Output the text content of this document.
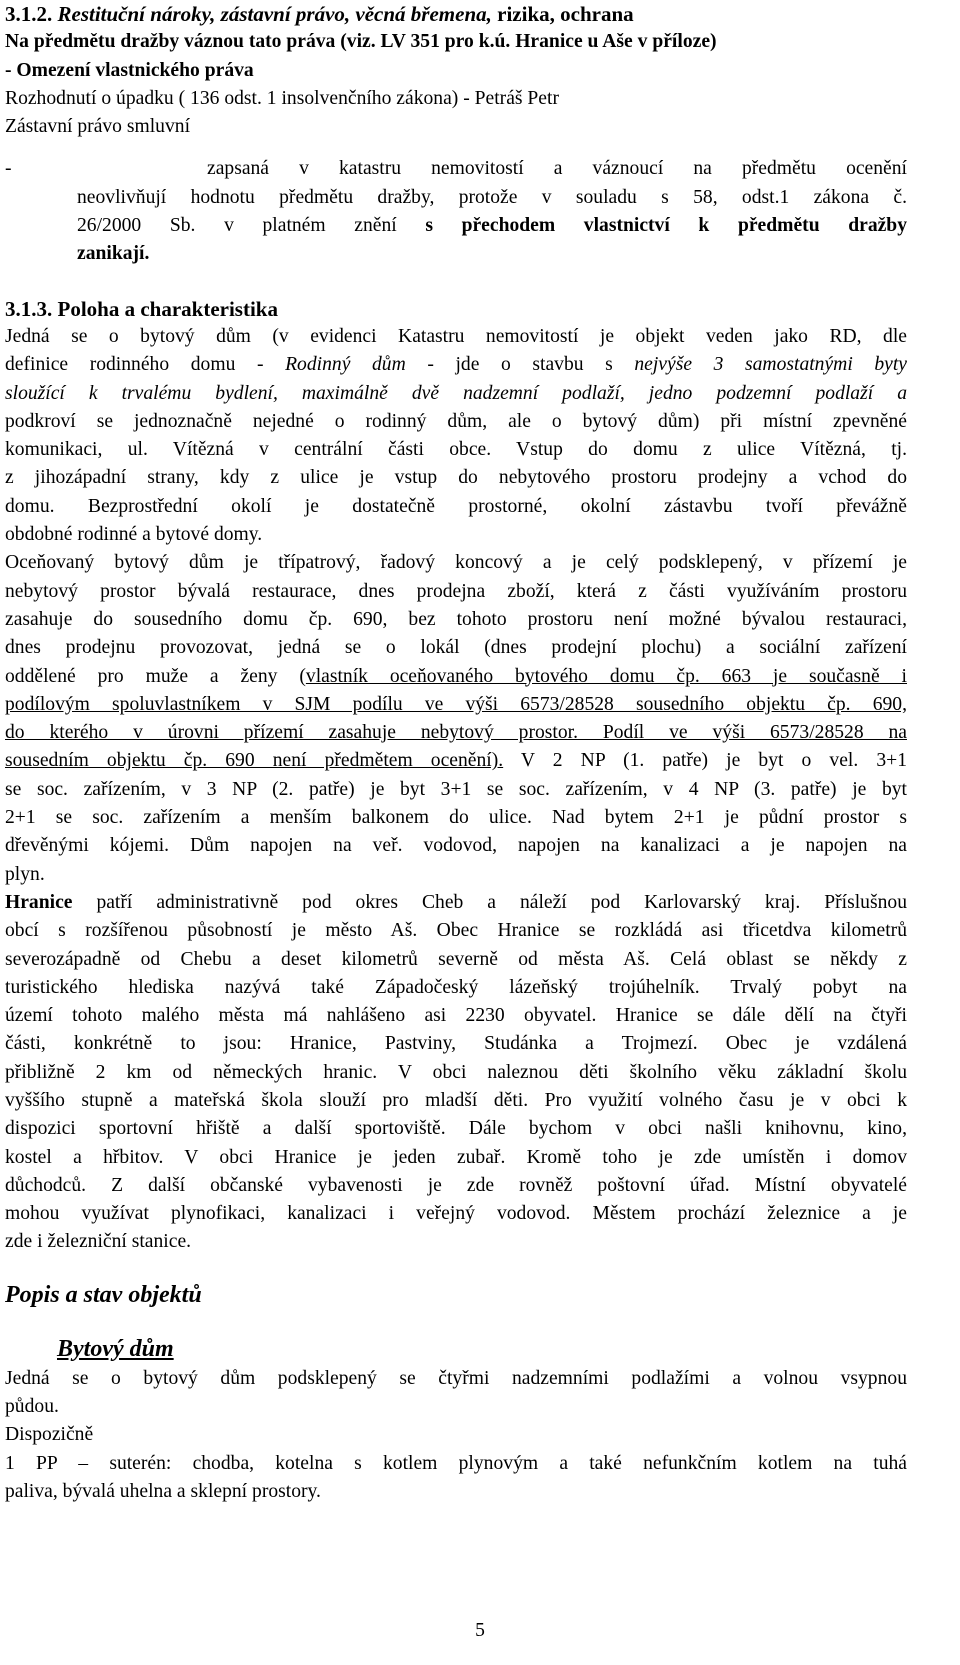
3.1.2. Restituční nároky, zástavní právo, věcná břemena, rizika, ochrana
Na předmětu dražby váznou tato práva (viz. LV 351 pro k.ú. Hranice u Aše v příloze)
- Omezení vlastnického práva
Rozhodnutí o úpadku ( 136 odst. 1 insolvenčního zákona) - Petráš Petr
Zástavní právo smluvní
-	zapsaná v katastru nemovitostí a váznoucí na předmětu ocenění
neovlivňují hodnotu předmětu dražby, protože v souladu s 58, odst.1 zákona č.
26/2000 Sb. v platném znění s přechodem vlastnictví k předmětu dražby
zanikají.
3.1.3. Poloha a charakteristika
Jedná se o bytový dům (v evidenci Katastru nemovitostí je objekt veden jako RD, dle
definice rodinného domu - Rodinný dům - jde o stavbu s nejvýše 3 samostatnými byty
sloužící k trvalému bydlení, maximálně dvě nadzemní podlaží, jedno podzemní podlaží a
podkroví se jednoznačně nejedné o rodinný dům, ale o bytový dům) při místní zpevněné
komunikaci, ul. Vítězná v centrální části obce. Vstup do domu z ulice Vítězná, tj.
z jihozápadní strany, kdy z ulice je vstup do nebytového prostoru prodejny a vchod do
domu. Bezprostřední okolí je dostatečně prostorné, okolní zástavbu tvoří převážně
obdobné rodinné a bytové domy.
Oceňovaný bytový dům je třípatrový, řadový koncový a je celý podsklepený, v přízemí je
nebytový prostor bývalá restaurace, dnes prodejna zboží, která z části využíváním prostoru
zasahuje do sousedního domu čp. 690, bez tohoto prostoru není možné bývalou restauraci,
dnes prodejnu provozovat, jedná se o lokál (dnes prodejní plochu) a sociální zařízení
oddělené pro muže a ženy (vlastník oceňovaného bytového domu čp. 663 je současně i
podílovým spoluvlastníkem v SJM podílu ve výši 6573/28528 sousedního objektu čp. 690,
do kterého v úrovni přízemí zasahuje nebytový prostor. Podíl ve výši 6573/28528 na
sousedním objektu čp. 690 není předmětem ocenění). V 2 NP (1. patře) je byt o vel. 3+1
se soc. zařízením, v 3 NP (2. patře) je byt 3+1 se soc. zařízením, v 4 NP (3. patře) je byt
2+1 se soc. zařízením a menším balkonem do ulice. Nad bytem 2+1 je půdní prostor s
dřevěnými kójemi. Dům napojen na veř. vodovod, napojen na kanalizaci a je napojen na
plyn.
Hranice patří administrativně pod okres Cheb a náleží pod Karlovarský kraj. Příslušnou
obcí s rozšířenou působností je město Aš. Obec Hranice se rozkládá asi třicetdva kilometrů
severozápadně od Chebu a deset kilometrů severně od města Aš. Celá oblast se někdy z
turistického hlediska nazývá také Západočeský lázeňský trojúhelník. Trvalý pobyt na
území tohoto malého města má nahlášeno asi 2230 obyvatel. Hranice se dále dělí na čtyři
části, konkrétně to jsou: Hranice, Pastviny, Studánka a Trojmezí. Obec je vzdálená
přibližně 2 km od německých hranic. V obci naleznou děti školního věku základní školu
vyššího stupně a mateřská škola slouží pro mladší děti. Pro využití volného času je v obci k
dispozici sportovní hřiště a další sportoviště. Dále bychom v obci našli knihovnu, kino,
kostel a hřbitov. V obci Hranice je jeden zubař. Kromě toho je zde umístěn i domov
důchodců. Z další občanské vybavenosti je zde rovněž poštovní úřad. Místní obyvatelé
mohou využívat plynofikaci, kanalizaci i veřejný vodovod. Městem prochází železnice a je
zde i železniční stanice.
Popis a stav objektů
Bytový dům
Jedná se o bytový dům podsklepený se čtyřmi nadzemními podlažími a volnou vsypnou
půdou.
Dispozičně
1 PP – suterén: chodba, kotelna s kotlem plynovým a také nefunkčním kotlem na tuhá
paliva, bývalá uhelna a sklepní prostory.
5
